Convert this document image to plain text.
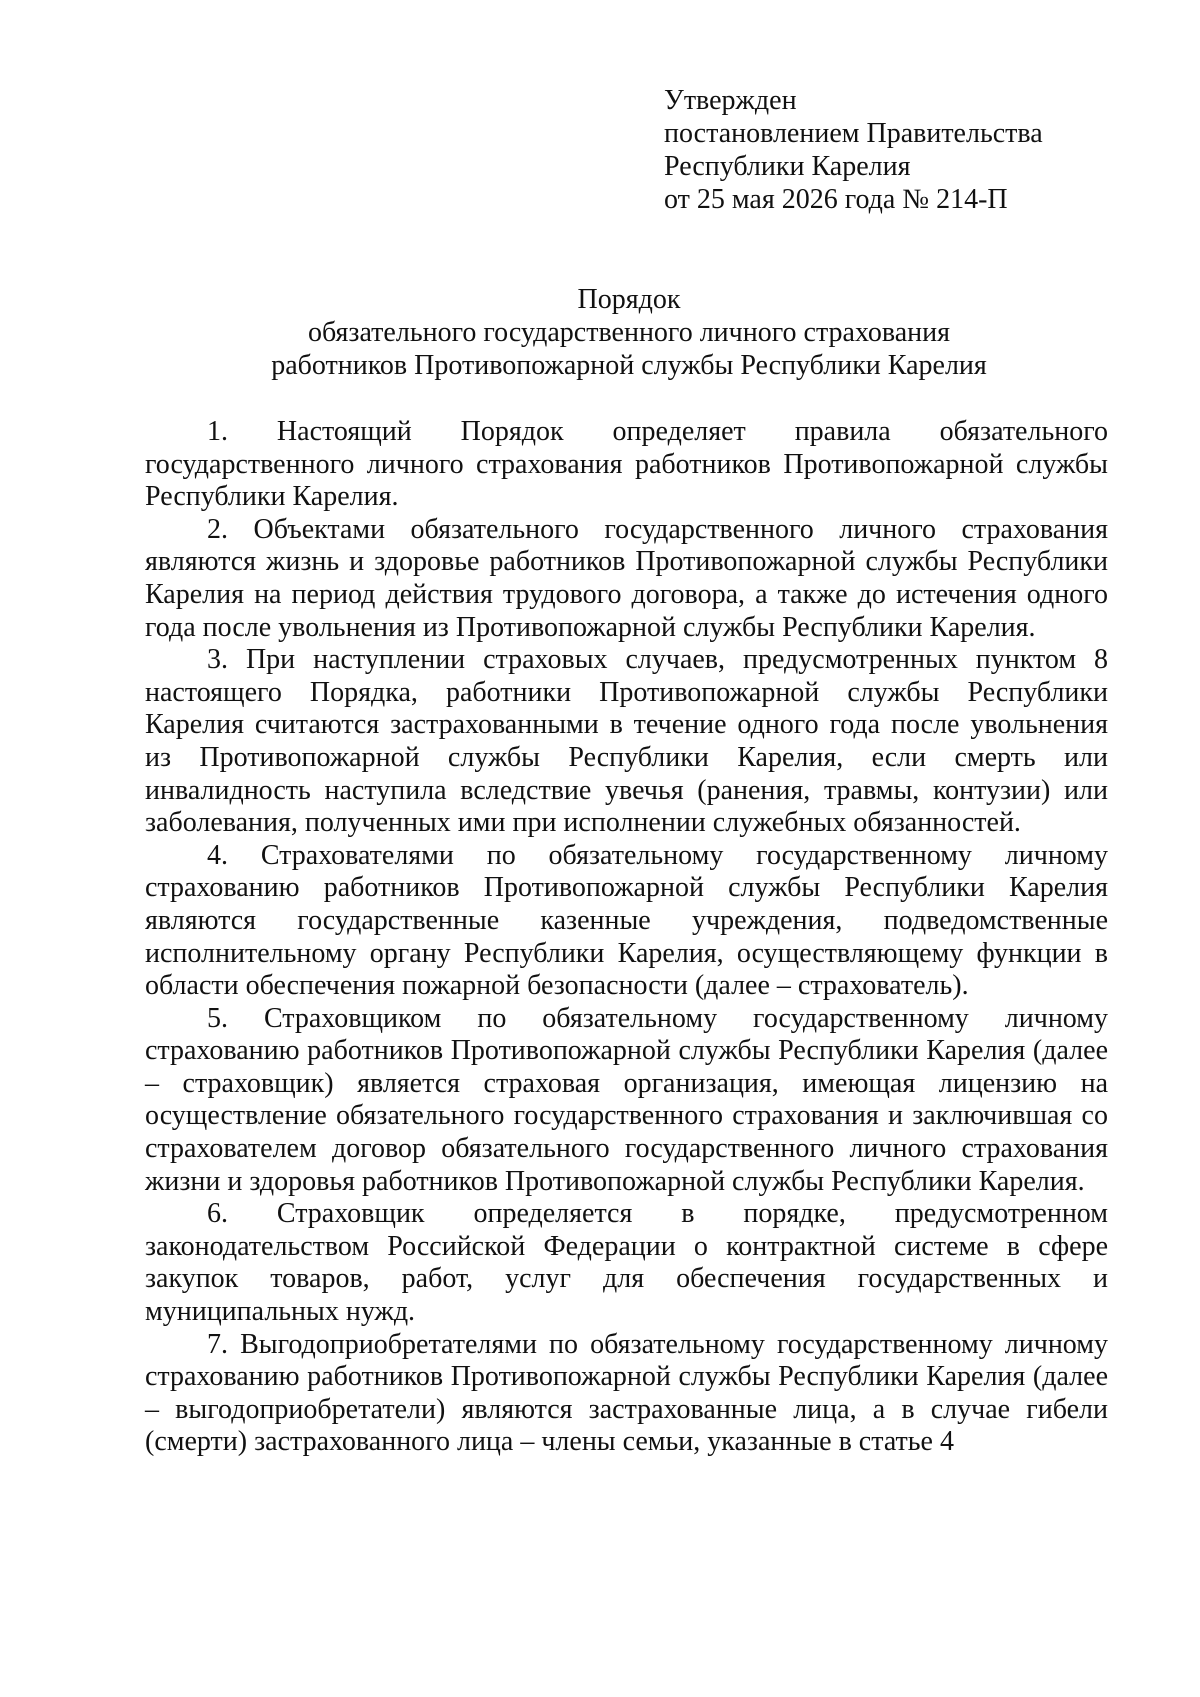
Утвержден
постановлением Правительства
Республики Карелия
от 25 мая 2026 года № 214-П
Порядок
обязательного государственного личного страхования
работников Противопожарной службы Республики Карелия

1. Настоящий Порядок определяет правила обязательного государственного личного страхования работников Противопожарной службы Республики Карелия.

2. Объектами обязательного государственного личного страхования являются жизнь и здоровье работников Противопожарной службы Республики Карелия на период действия трудового договора, а также до истечения одного года после увольнения из Противопожарной службы Республики Карелия.

3. При наступлении страховых случаев, предусмотренных пунктом 8 настоящего Порядка, работники Противопожарной службы Республики Карелия считаются застрахованными в течение одного года после увольнения из Противопожарной службы Республики Карелия, если смерть или инвалидность наступила вследствие увечья (ранения, травмы, контузии) или заболевания, полученных ими при исполнении служебных обязанностей.

4. Страхователями по обязательному государственному личному страхованию работников Противопожарной службы Республики Карелия являются государственные казенные учреждения, подведомственные исполнительному органу Республики Карелия, осуществляющему функции в области обеспечения пожарной безопасности (далее – страхователь).

5. Страховщиком по обязательному государственному личному страхованию работников Противопожарной службы Республики Карелия (далее – страховщик) является страховая организация, имеющая лицензию на осуществление обязательного государственного страхования и заключившая со страхователем договор обязательного государственного личного страхования жизни и здоровья работников Противопожарной службы Республики Карелия.

6. Страховщик определяется в порядке, предусмотренном законодательством Российской Федерации о контрактной системе в сфере закупок товаров, работ, услуг для обеспечения государственных и муниципальных нужд.

7. Выгодоприобретателями по обязательному государственному личному страхованию работников Противопожарной службы Республики Карелия (далее – выгодоприобретатели) являются застрахованные лица, а в случае гибели (смерти) застрахованного лица – члены семьи, указанные в статье 4
